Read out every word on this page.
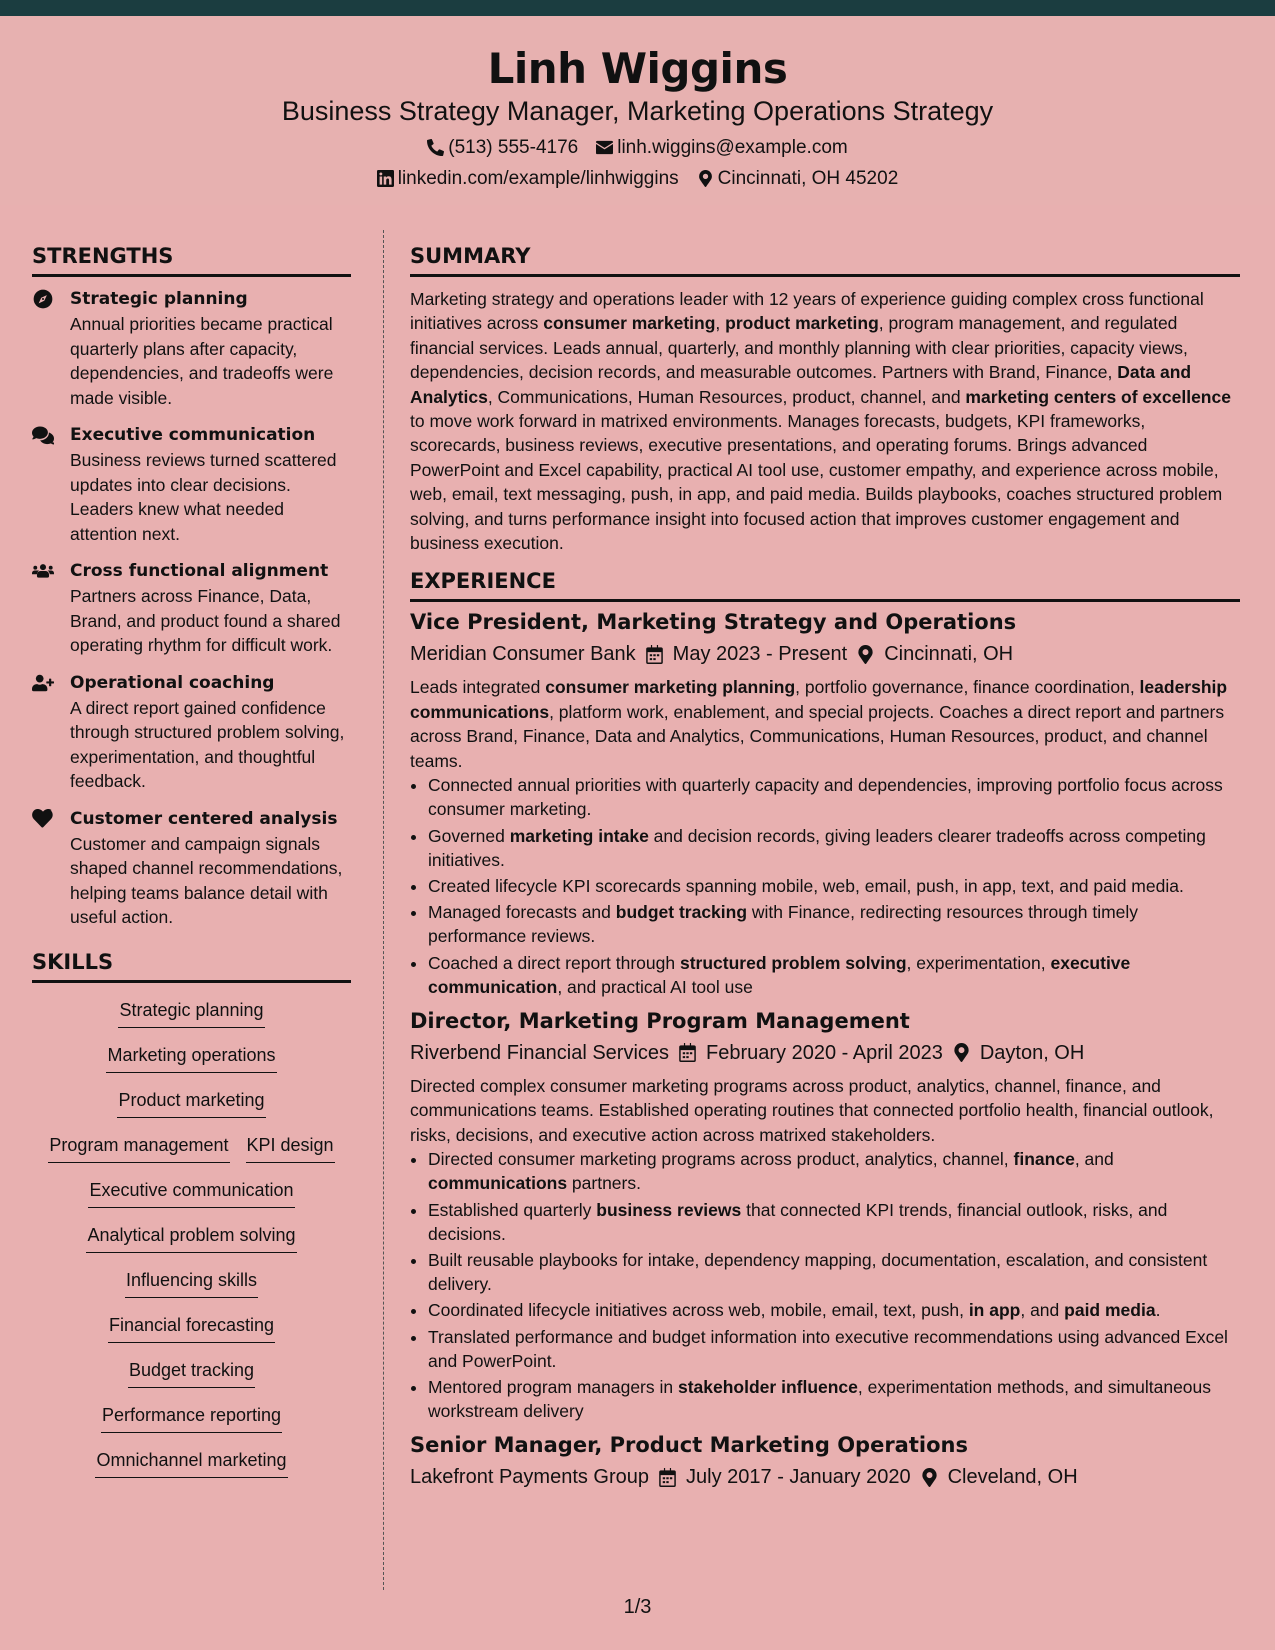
Linh Wiggins
Business Strategy Manager, Marketing Operations Strategy
(513) 555-4176 linh.wiggins@example.com
linkedin.com/example/linhwiggins Cincinnati, OH 45202
STRENGTHS
Strategic planning

Annual priorities became practical quarterly plans after capacity, dependencies, and tradeoffs were made visible.

Executive communication

Business reviews turned scattered updates into clear decisions. Leaders knew what needed attention next.

Cross functional alignment

Partners across Finance, Data, Brand, and product found a shared operating rhythm for difficult work.

Operational coaching

A direct report gained confidence through structured problem solving, experimentation, and thoughtful feedback.

Customer centered analysis

Customer and campaign signals shaped channel recommendations, helping teams balance detail with useful action.

SKILLS
Strategic planning
Marketing operations
Product marketing
Program management KPI design
Executive communication
Analytical problem solving
Influencing skills
Financial forecasting
Budget tracking
Performance reporting
Omnichannel marketing
SUMMARY

Marketing strategy and operations leader with 12 years of experience guiding complex cross functional initiatives across consumer marketing, product marketing, program management, and regulated financial services. Leads annual, quarterly, and monthly planning with clear priorities, capacity views, dependencies, decision records, and measurable outcomes. Partners with Brand, Finance, Data and Analytics, Communications, Human Resources, product, channel, and marketing centers of excellence to move work forward in matrixed environments. Manages forecasts, budgets, KPI frameworks, scorecards, business reviews, executive presentations, and operating forums. Brings advanced PowerPoint and Excel capability, practical AI tool use, customer empathy, and experience across mobile, web, email, text messaging, push, in app, and paid media. Builds playbooks, coaches structured problem solving, and turns performance insight into focused action that improves customer engagement and business execution.

EXPERIENCE
Vice President, Marketing Strategy and Operations
Meridian Consumer Bank May 2023 - Present Cincinnati, OH

Leads integrated consumer marketing planning, portfolio governance, finance coordination, leadership communications, platform work, enablement, and special projects. Coaches a direct report and partners across Brand, Finance, Data and Analytics, Communications, Human Resources, product, and channel teams.

• Connected annual priorities with quarterly capacity and dependencies, improving portfolio focus across consumer marketing.
• Governed marketing intake and decision records, giving leaders clearer tradeoffs across competing initiatives.
• Created lifecycle KPI scorecards spanning mobile, web, email, push, in app, text, and paid media.
• Managed forecasts and budget tracking with Finance, redirecting resources through timely performance reviews.
• Coached a direct report through structured problem solving, experimentation, executive communication, and practical AI tool use
Director, Marketing Program Management
Riverbend Financial Services February 2020 - April 2023 Dayton, OH

Directed complex consumer marketing programs across product, analytics, channel, finance, and communications teams. Established operating routines that connected portfolio health, financial outlook, risks, decisions, and executive action across matrixed stakeholders.

• Directed consumer marketing programs across product, analytics, channel, finance, and communications partners.
• Established quarterly business reviews that connected KPI trends, financial outlook, risks, and decisions.
• Built reusable playbooks for intake, dependency mapping, documentation, escalation, and consistent delivery.
• Coordinated lifecycle initiatives across web, mobile, email, text, push, in app, and paid media.
• Translated performance and budget information into executive recommendations using advanced Excel and PowerPoint.
• Mentored program managers in stakeholder influence, experimentation methods, and simultaneous workstream delivery
Senior Manager, Product Marketing Operations
Lakefront Payments Group July 2017 - January 2020 Cleveland, OH
1/3
